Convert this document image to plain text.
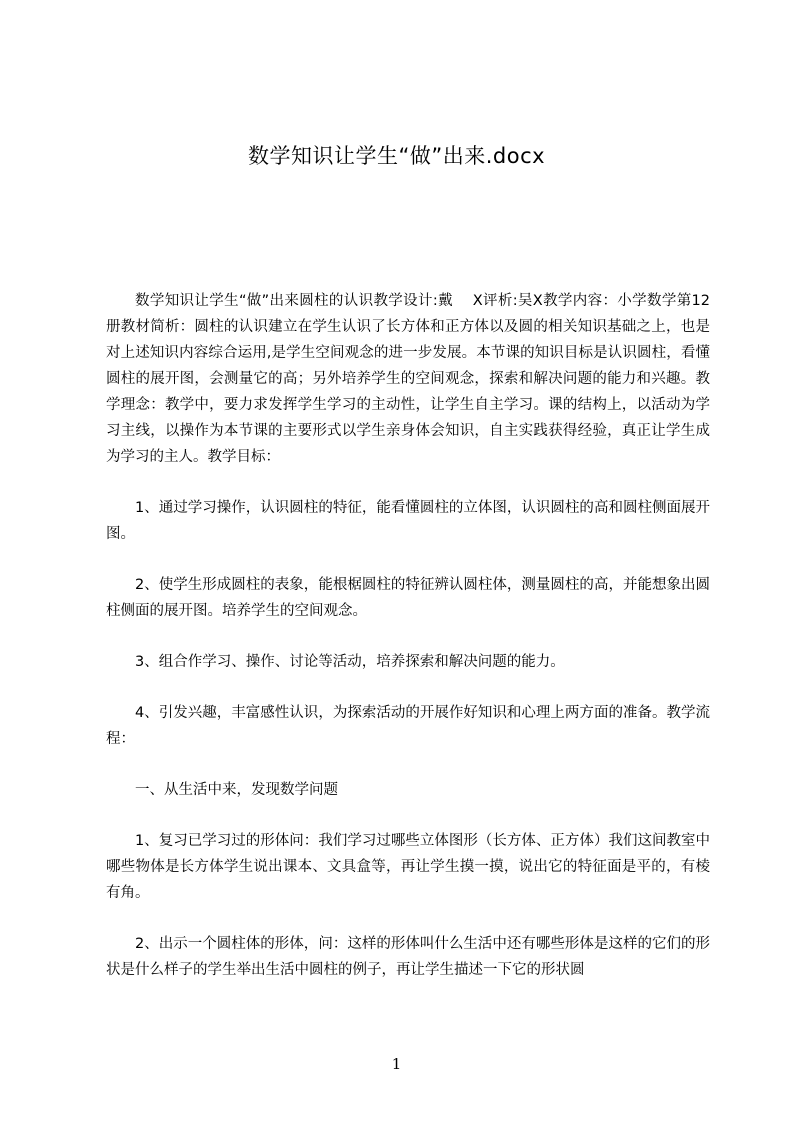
数学知识让学生“做”出来.docx

数学知识让学生“做”出来圆柱的认识教学设计:戴　 X评析:吴X教学内容：小学数学第12册教材简析：圆柱的认识建立在学生认识了长方体和正方体以及圆的相关知识基础之上，也是对上述知识内容综合运用,是学生空间观念的进一步发展。本节课的知识目标是认识圆柱，看懂圆柱的展开图，会测量它的高；另外培养学生的空间观念，探索和解决问题的能力和兴趣。教学理念：教学中，要力求发挥学生学习的主动性，让学生自主学习。课的结构上，以活动为学习主线，以操作为本节课的主要形式以学生亲身体会知识，自主实践获得经验，真正让学生成为学习的主人。教学目标：

1、通过学习操作，认识圆柱的特征，能看懂圆柱的立体图，认识圆柱的高和圆柱侧面展开图。

2、使学生形成圆柱的表象，能根椐圆柱的特征辨认圆柱体，测量圆柱的高，并能想象出圆柱侧面的展开图。培养学生的空间观念。

3、组合作学习、操作、讨论等活动，培养探索和解决问题的能力。

4、引发兴趣，丰富感性认识，为探索活动的开展作好知识和心理上两方面的准备。教学流程：

一、从生活中来，发现数学问题

1、复习已学习过的形体问：我们学习过哪些立体图形（长方体、正方体）我们这间教室中哪些物体是长方体学生说出课本、文具盒等，再让学生摸一摸，说出它的特征面是平的，有棱有角。

2、出示一个圆柱体的形体，问：这样的形体叫什么生活中还有哪些形体是这样的它们的形状是什么样子的学生举出生活中圆柱的例子，再让学生描述一下它的形状圆

1
